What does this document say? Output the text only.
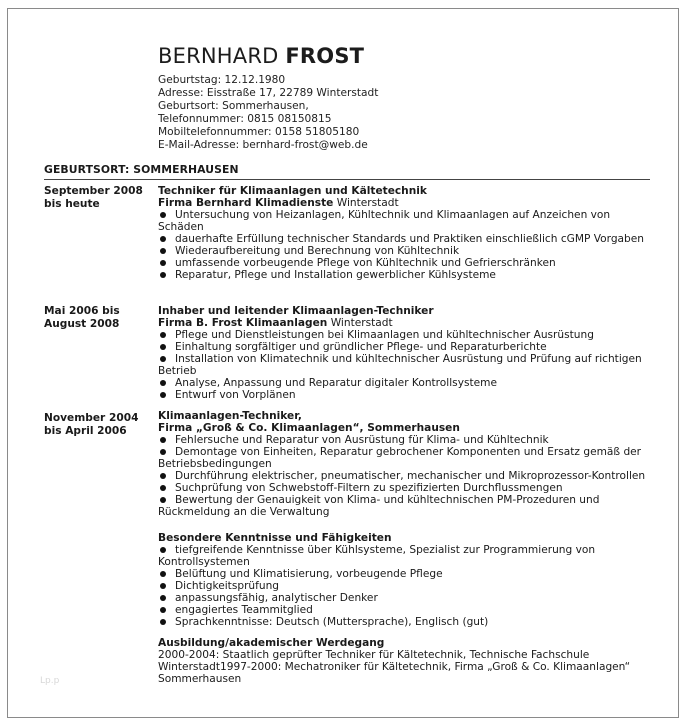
BERNHARD FROST
Geburtstag: 12.12.1980
Adresse: Eisstraße 17, 22789 Winterstadt
Geburtsort: Sommerhausen,
Telefonnummer: 0815 08150815
Mobiltelefonnummer: 0158 51805180
E-Mail-Adresse: bernhard-frost@web.de
GEBURTSORT: SOMMERHAUSEN
September 2008 bis heute
Techniker für Klimaanlagen und Kältetechnik
Firma Bernhard Klimadienste Winterstadt
Untersuchung von Heizanlagen, Kühltechnik und Klimaanlagen auf Anzeichen von Schäden
dauerhafte Erfüllung technischer Standards und Praktiken einschließlich cGMP Vorgaben
Wiederaufbereitung und Berechnung von Kühltechnik
umfassende vorbeugende Pflege von Kühltechnik und Gefrierschränken
Reparatur, Pflege und Installation gewerblicher Kühlsysteme
Mai 2006 bis August 2008
Inhaber und leitender Klimaanlagen-Techniker
Firma B. Frost Klimaanlagen Winterstadt
Pflege und Dienstleistungen bei Klimaanlagen und kühltechnischer Ausrüstung
Einhaltung sorgfältiger und gründlicher Pflege- und Reparaturberichte
Installation von Klimatechnik und kühltechnischer Ausrüstung und Prüfung auf richtigen Betrieb
Analyse, Anpassung und Reparatur digitaler Kontrollsysteme
Entwurf von Vorplänen
November 2004 bis April 2006
Klimaanlagen-Techniker,
Firma „Groß & Co. Klimaanlagen“, Sommerhausen
Fehlersuche und Reparatur von Ausrüstung für Klima- und Kühltechnik
Demontage von Einheiten, Reparatur gebrochener Komponenten und Ersatz gemäß der Betriebsbedingungen
Durchführung elektrischer, pneumatischer, mechanischer und Mikroprozessor-Kontrollen
Suchprüfung von Schwebstoff-Filtern zu spezifizierten Durchflussmengen
Bewertung der Genauigkeit von Klima- und kühltechnischen PM-Prozeduren und Rückmeldung an die Verwaltung
Besondere Kenntnisse und Fähigkeiten
tiefgreifende Kenntnisse über Kühlsysteme, Spezialist zur Programmierung von Kontrollsystemen
Belüftung und Klimatisierung, vorbeugende Pflege
Dichtigkeitsprüfung
anpassungsfähig, analytischer Denker
engagiertes Teammitglied
Sprachkenntnisse: Deutsch (Muttersprache), Englisch (gut)
Ausbildung/akademischer Werdegang
2000-2004: Staatlich geprüfter Techniker für Kältetechnik, Technische Fachschule
Winterstadt1997-2000: Mechatroniker für Kältetechnik, Firma „Groß & Co. Klimaanlagen“
Sommerhausen
Lp.p
